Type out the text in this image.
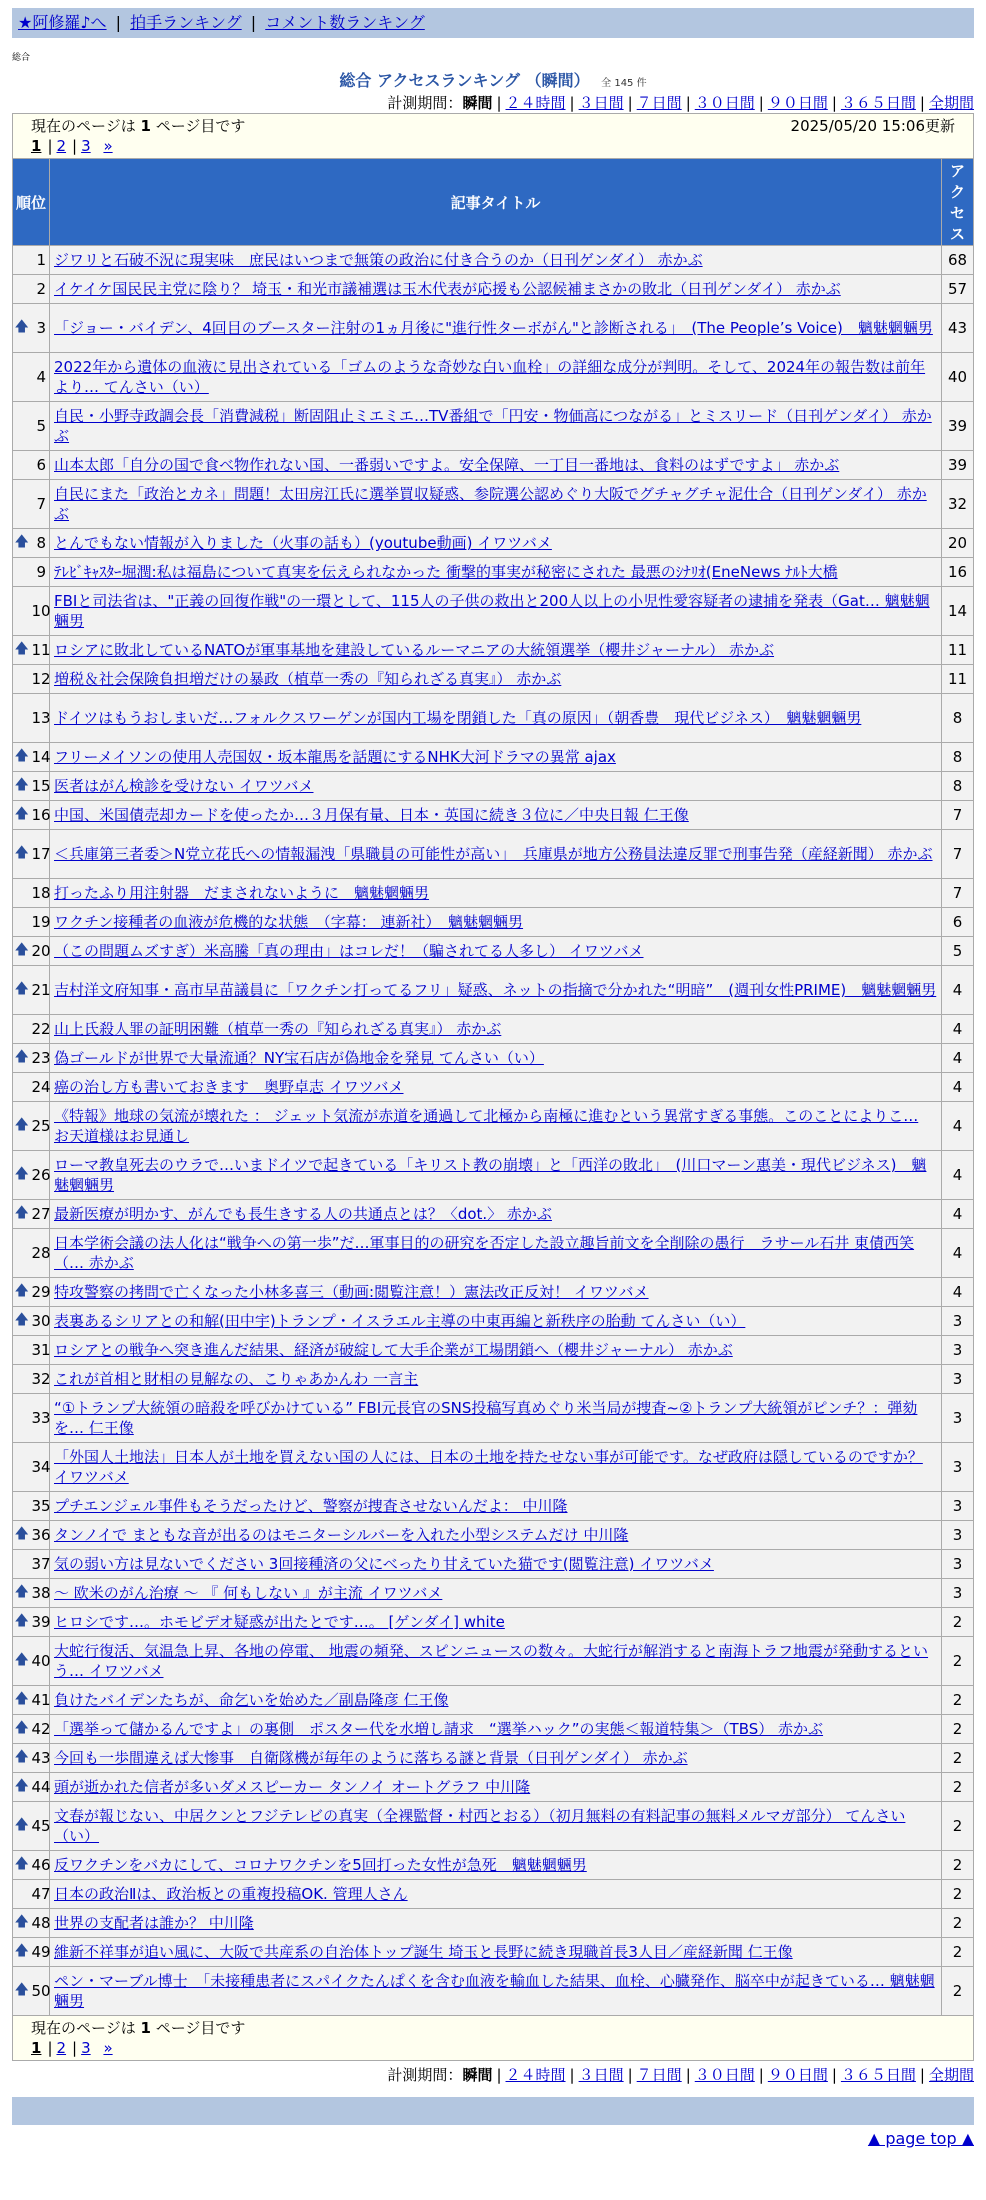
★阿修羅♪へ | 拍手ランキング | コメント数ランキング
総合
総合 アクセスランキング （瞬間） 全 145 件
計測期間：瞬間 | ２４時間 | ３日間 | ７日間 | ３０日間 | ９０日間 | ３６５日間 | 全期間
現在のページは 1 ページ目です	2025/05/20 15:06更新
1 | 2 | 3 »
順位		記事タイトル	アクセス
	1	ジワリと石破不況に現実味　庶民はいつまで無策の政治に付き合うのか（日刊ゲンダイ） 赤かぶ	68
	2	イケイケ国民民主党に陰り？ 埼玉・和光市議補選は玉木代表が応援も公認候補まさかの敗北（日刊ゲンダイ） 赤かぶ	57
🡅	3	「ジョー・バイデン、4回目のブースター注射の1ヵ月後に"進行性ターボがん"と診断される」　(The People’s Voice)　魑魅魍魎男	43
	4	2022年から遺体の血液に見出されている「ゴムのような奇妙な白い血栓」の詳細な成分が判明。そして、2024年の報告数は前年より… てんさい（い）	40
	5	自民・小野寺政調会長「消費減税」断固阻止ミエミエ…TV番組で「円安・物価高につながる」とミスリード（日刊ゲンダイ） 赤かぶ	39
	6	山本太郎「自分の国で食べ物作れない国、一番弱いですよ。安全保障、一丁目一番地は、食料のはずですよ」 赤かぶ	39
	7	自民にまた「政治とカネ」問題！太田房江氏に選挙買収疑惑、参院選公認めぐり大阪でグチャグチャ泥仕合（日刊ゲンダイ） 赤かぶ	32
🡅	8	とんでもない情報が入りました（火事の話も）(youtube動画) イワツバメ	20
	9	ﾃﾚﾋﾞｷｬｽﾀｰ堀潤:私は福島について真実を伝えられなかった 衝撃的事実が秘密にされた 最悪のｼﾅﾘｵ(EneNews ﾅﾙﾄ大橋	16
	10	FBIと司法省は、"正義の回復作戦"の一環として、115人の子供の救出と200人以上の小児性愛容疑者の逮捕を発表（Gat… 魑魅魍魎男	14
🡅	11	ロシアに敗北しているNATOが軍事基地を建設しているルーマニアの大統領選挙（櫻井ジャーナル） 赤かぶ	11
	12	増税＆社会保険負担増だけの暴政（植草一秀の『知られざる真実』） 赤かぶ	11
	13	ドイツはもうおしまいだ…フォルクスワーゲンが国内工場を閉鎖した「真の原因」（朝香豊　現代ビジネス）　魑魅魍魎男	8
🡅	14	フリーメイソンの使用人売国奴・坂本龍馬を話題にするNHK大河ドラマの異常 ajax	8
🡅	15	医者はがん検診を受けない イワツバメ	8
🡅	16	中国、米国債売却カードを使ったか…３月保有量、日本・英国に続き３位に／中央日報 仁王像	7
🡅	17	＜兵庫第三者委＞N党立花氏への情報漏洩「県職員の可能性が高い」　兵庫県が地方公務員法違反罪で刑事告発（産経新聞） 赤かぶ	7
	18	打ったふり用注射器　だまされないように　魑魅魍魎男	7
	19	ワクチン接種者の血液が危機的な状態　（字幕： 連新社）　魑魅魍魎男	6
🡅	20	（この問題ムズすぎ）米高騰「真の理由」はコレだ！（騙されてる人多し） イワツバメ	5
🡅	21	吉村洋文府知事・高市早苗議員に「ワクチン打ってるフリ」疑惑、ネットの指摘で分かれた“明暗”　(週刊女性PRIME)　魑魅魍魎男	4
	22	山上氏殺人罪の証明困難（植草一秀の『知られざる真実』） 赤かぶ	4
🡅	23	偽ゴールドが世界で大量流通？NY宝石店が偽地金を発見 てんさい（い）	4
	24	癌の治し方も書いておきます　奥野卓志 イワツバメ	4
🡅	25	《特報》地球の気流が壊れた ： ジェット気流が赤道を通過して北極から南極に進むという異常すぎる事態。このことによりこ… お天道様はお見通し	4
🡅	26	ローマ教皇死去のウラで…いまドイツで起きている「キリスト教の崩壊」と「西洋の敗北」　(川口マーン惠美・現代ビジネス)　魑魅魍魎男	4
🡅	27	最新医療が明かす、がんでも長生きする人の共通点とは？〈dot.〉 赤かぶ	4
	28	日本学術会議の法人化は“戦争への第一歩”だ…軍事目的の研究を否定した設立趣旨前文を全削除の愚行　ラサール石井 東債西笑（… 赤かぶ	4
🡅	29	特攻警察の拷問で亡くなった小林多喜三（動画:閲覧注意！）憲法改正反対！ イワツバメ	4
🡅	30	表裏あるシリアとの和解(田中宇)トランプ・イスラエル主導の中東再編と新秩序の胎動 てんさい（い）	3
	31	ロシアとの戦争へ突き進んだ結果、経済が破綻して大手企業が工場閉鎖へ（櫻井ジャーナル） 赤かぶ	3
	32	これが首相と財相の見解なの、こりゃあかんわ 一言主	3
	33	“①トランプ大統領の暗殺を呼びかけている” FBI元長官のSNS投稿写真めぐり米当局が捜査~②トランプ大統領がピンチ？：弾劾を… 仁王像	3
	34	「外国人土地法」日本人が土地を買えない国の人には、日本の土地を持たせない事が可能です。なぜ政府は隠しているのですか？ イワツバメ	3
	35	プチエンジェル事件もそうだったけど、警察が捜査させないんだよ： 中川隆	3
🡅	36	タンノイで まともな音が出るのはモニターシルバーを入れた小型システムだけ 中川隆	3
	37	気の弱い方は見ないでください 3回接種済の父にべったり甘えていた猫です(閲覧注意) イワツバメ	3
🡅	38	～ 欧米のがん治療 ～ 『 何もしない 』が主流 イワツバメ	3
🡅	39	ヒロシです…。ホモビデオ疑惑が出たとです…。 [ゲンダイ] white	2
🡅	40	大蛇行復活、気温急上昇、各地の停電、 地震の頻発、スピンニュースの数々。大蛇行が解消すると南海トラフ地震が発動するという… イワツバメ	2
🡅	41	負けたバイデンたちが、命乞いを始めた／副島隆彦 仁王像	2
🡅	42	「選挙って儲かるんですよ」の裏側　ポスター代を水増し請求　“選挙ハック”の実態＜報道特集＞（TBS） 赤かぶ	2
🡅	43	今回も一歩間違えば大惨事　自衛隊機が毎年のように落ちる謎と背景（日刊ゲンダイ） 赤かぶ	2
🡅	44	頭が逝かれた信者が多いダメスピーカー タンノイ オートグラフ 中川隆	2
🡅	45	文春が報じない、中居クンとフジテレビの真実（全裸監督・村西とおる）（初月無料の有料記事の無料メルマガ部分） てんさい（い）	2
🡅	46	反ワクチンをバカにして、コロナワクチンを5回打った女性が急死　魑魅魍魎男	2
	47	日本の政治Ⅱは、政治板との重複投稿OK. 管理人さん	2
🡅	48	世界の支配者は誰か？ 中川隆	2
🡅	49	維新不祥事が追い風に、大阪で共産系の自治体トップ誕生 埼玉と長野に続き現職首長3人目／産経新聞 仁王像	2
🡅	50	ペン・マーブル博士　「未接種患者にスパイクたんぱくを含む血液を輸血した結果、血栓、心臓発作、脳卒中が起きている… 魑魅魍魎男	2
現在のページは 1 ページ目です
1 | 2 | 3 »
計測期間：瞬間 | ２４時間 | ３日間 | ７日間 | ３０日間 | ９０日間 | ３６５日間 | 全期間
▲ page top ▲
